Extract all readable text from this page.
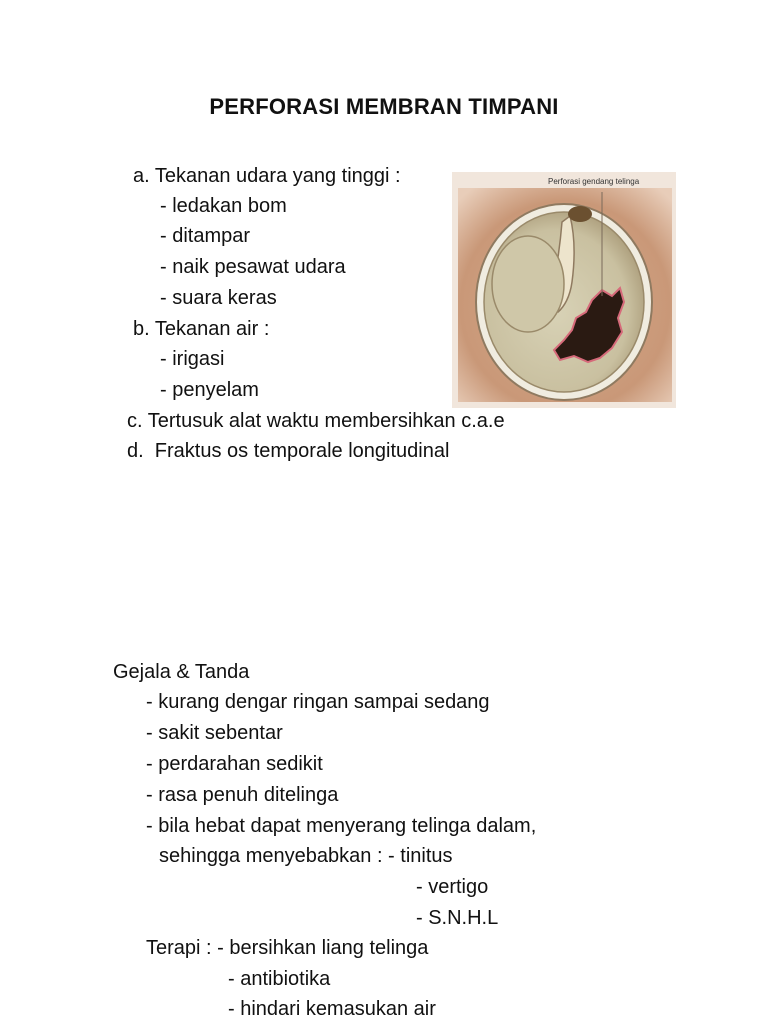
PERFORASI MEMBRAN TIMPANI
a. Tekanan udara yang tinggi :
- ledakan bom
- ditampar
- naik pesawat udara
- suara keras
b. Tekanan air :
- irigasi
- penyelam
c. Tertusuk alat waktu membersihkan c.a.e
d.  Fraktus os temporale longitudinal
Perforasi gendang telinga
Gejala & Tanda
- kurang dengar ringan sampai sedang
- sakit sebentar
- perdarahan sedikit
- rasa penuh ditelinga
- bila hebat dapat menyerang telinga dalam,
sehingga menyebabkan : - tinitus
- vertigo
- S.N.H.L
Terapi : - bersihkan liang telinga
- antibiotika
- hindari kemasukan air
